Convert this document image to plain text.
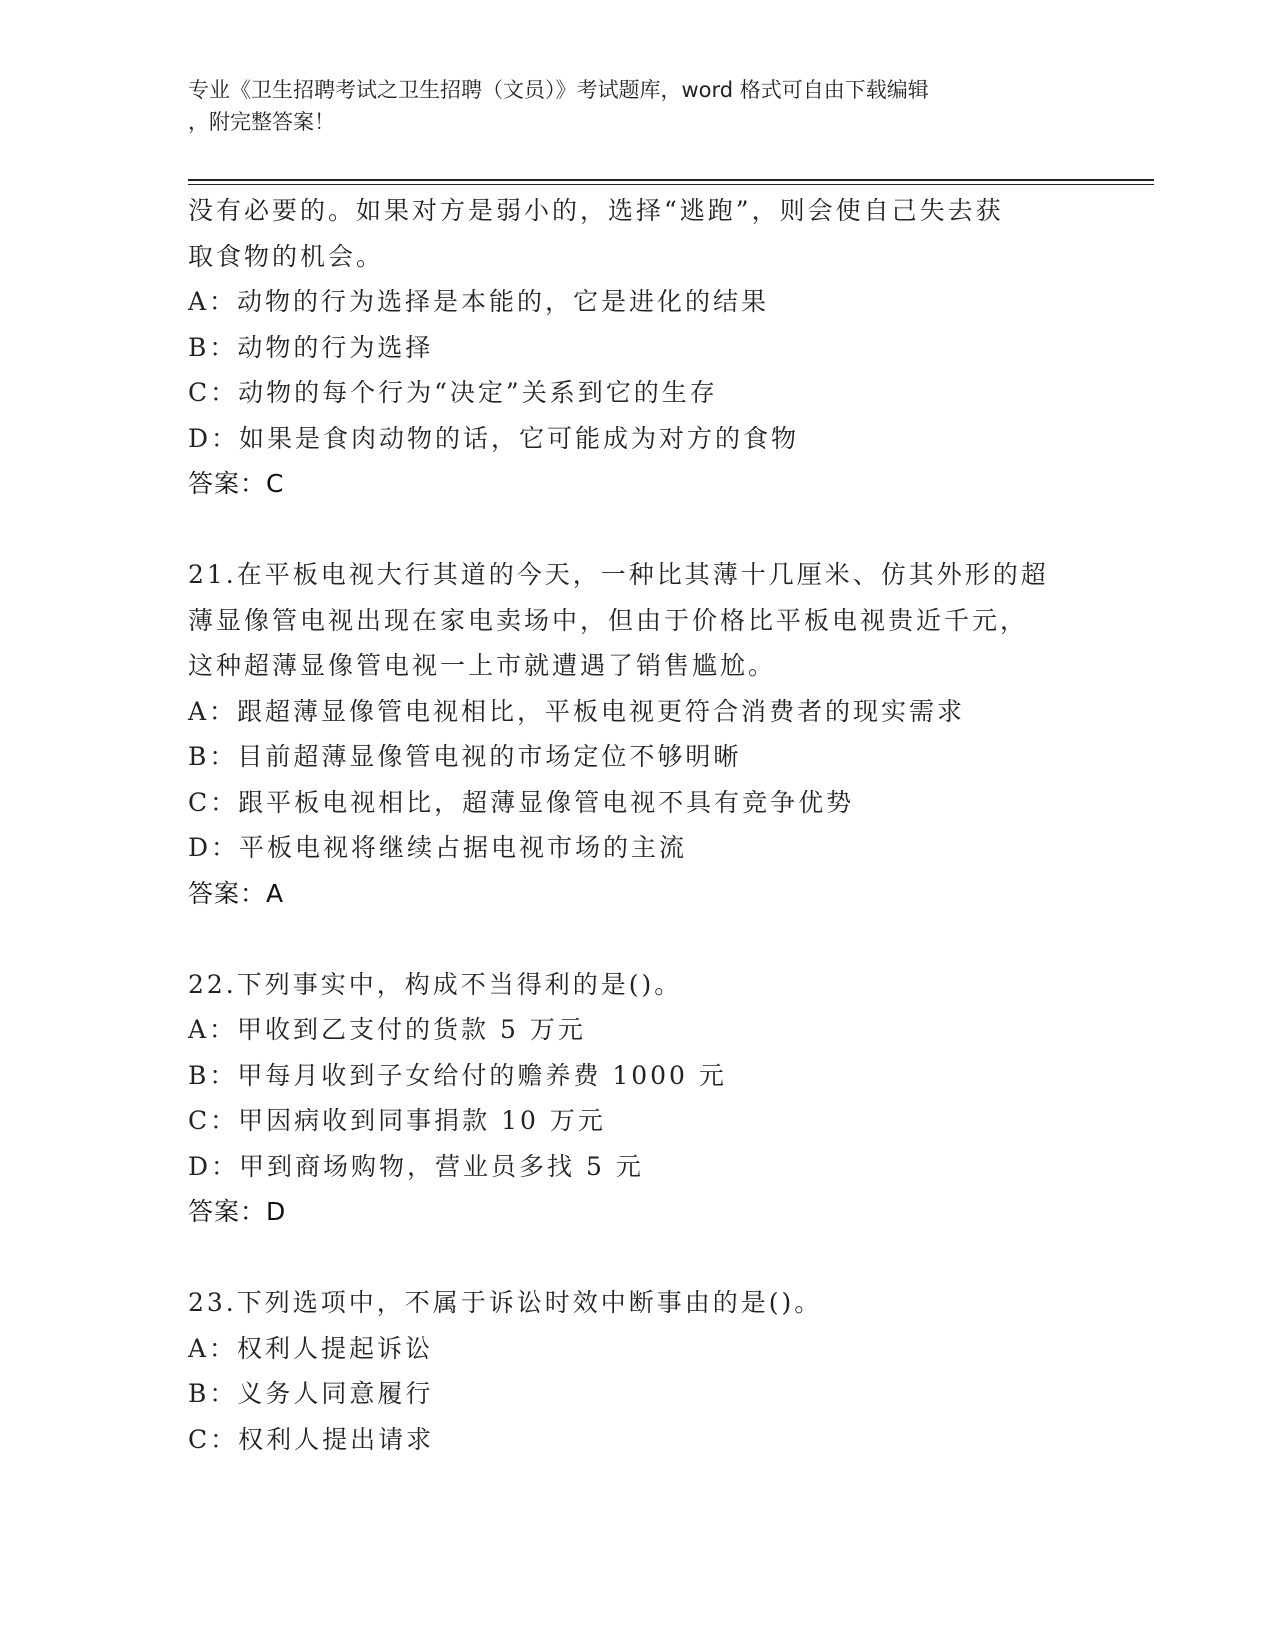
专业《卫生招聘考试之卫生招聘（文员）》考试题库，word 格式可自由下载编辑
，附完整答案！
没有必要的。如果对方是弱小的，选择“逃跑”，则会使自己失去获
取食物的机会。
A：动物的行为选择是本能的，它是进化的结果
B：动物的行为选择
C：动物的每个行为“决定”关系到它的生存
D：如果是食肉动物的话，它可能成为对方的食物
答案：C
21.在平板电视大行其道的今天，一种比其薄十几厘米、仿其外形的超
薄显像管电视出现在家电卖场中，但由于价格比平板电视贵近千元，
这种超薄显像管电视一上市就遭遇了销售尴尬。
A：跟超薄显像管电视相比，平板电视更符合消费者的现实需求
B：目前超薄显像管电视的市场定位不够明晰
C：跟平板电视相比，超薄显像管电视不具有竞争优势
D：平板电视将继续占据电视市场的主流
答案：A
22.下列事实中，构成不当得利的是()。
A：甲收到乙支付的货款 5 万元
B：甲每月收到子女给付的赡养费 1000 元
C：甲因病收到同事捐款 10 万元
D：甲到商场购物，营业员多找 5 元
答案：D
23.下列选项中，不属于诉讼时效中断事由的是()。
A：权利人提起诉讼
B：义务人同意履行
C：权利人提出请求
